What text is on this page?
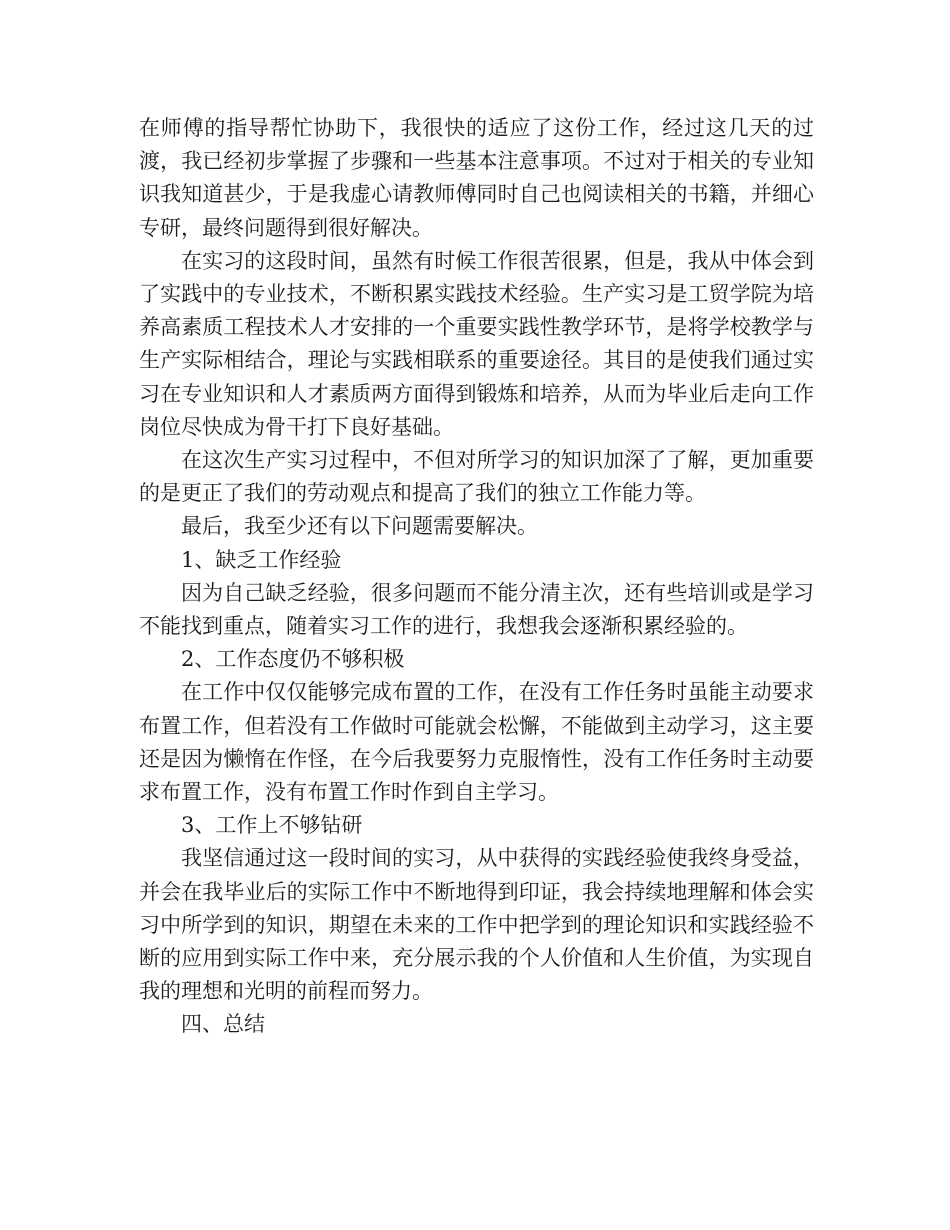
在师傅的指导帮忙协助下，我很快的适应了这份工作，经过这几天的过渡，我已经初步掌握了步骤和一些基本注意事项。不过对于相关的专业知识我知道甚少，于是我虚心请教师傅同时自己也阅读相关的书籍，并细心专研，最终问题得到很好解决。

在实习的这段时间，虽然有时候工作很苦很累，但是，我从中体会到了实践中的专业技术，不断积累实践技术经验。生产实习是工贸学院为培养高素质工程技术人才安排的一个重要实践性教学环节，是将学校教学与生产实际相结合，理论与实践相联系的重要途径。其目的是使我们通过实习在专业知识和人才素质两方面得到锻炼和培养，从而为毕业后走向工作岗位尽快成为骨干打下良好基础。

在这次生产实习过程中，不但对所学习的知识加深了了解，更加重要的是更正了我们的劳动观点和提高了我们的独立工作能力等。

最后，我至少还有以下问题需要解决。

1、缺乏工作经验

因为自己缺乏经验，很多问题而不能分清主次，还有些培训或是学习不能找到重点，随着实习工作的进行，我想我会逐渐积累经验的。

2、工作态度仍不够积极

在工作中仅仅能够完成布置的工作，在没有工作任务时虽能主动要求布置工作，但若没有工作做时可能就会松懈，不能做到主动学习，这主要还是因为懒惰在作怪，在今后我要努力克服惰性，没有工作任务时主动要求布置工作，没有布置工作时作到自主学习。

3、工作上不够钻研

我坚信通过这一段时间的实习，从中获得的实践经验使我终身受益，并会在我毕业后的实际工作中不断地得到印证，我会持续地理解和体会实习中所学到的知识，期望在未来的工作中把学到的理论知识和实践经验不断的应用到实际工作中来，充分展示我的个人价值和人生价值，为实现自我的理想和光明的前程而努力。

四、总结
